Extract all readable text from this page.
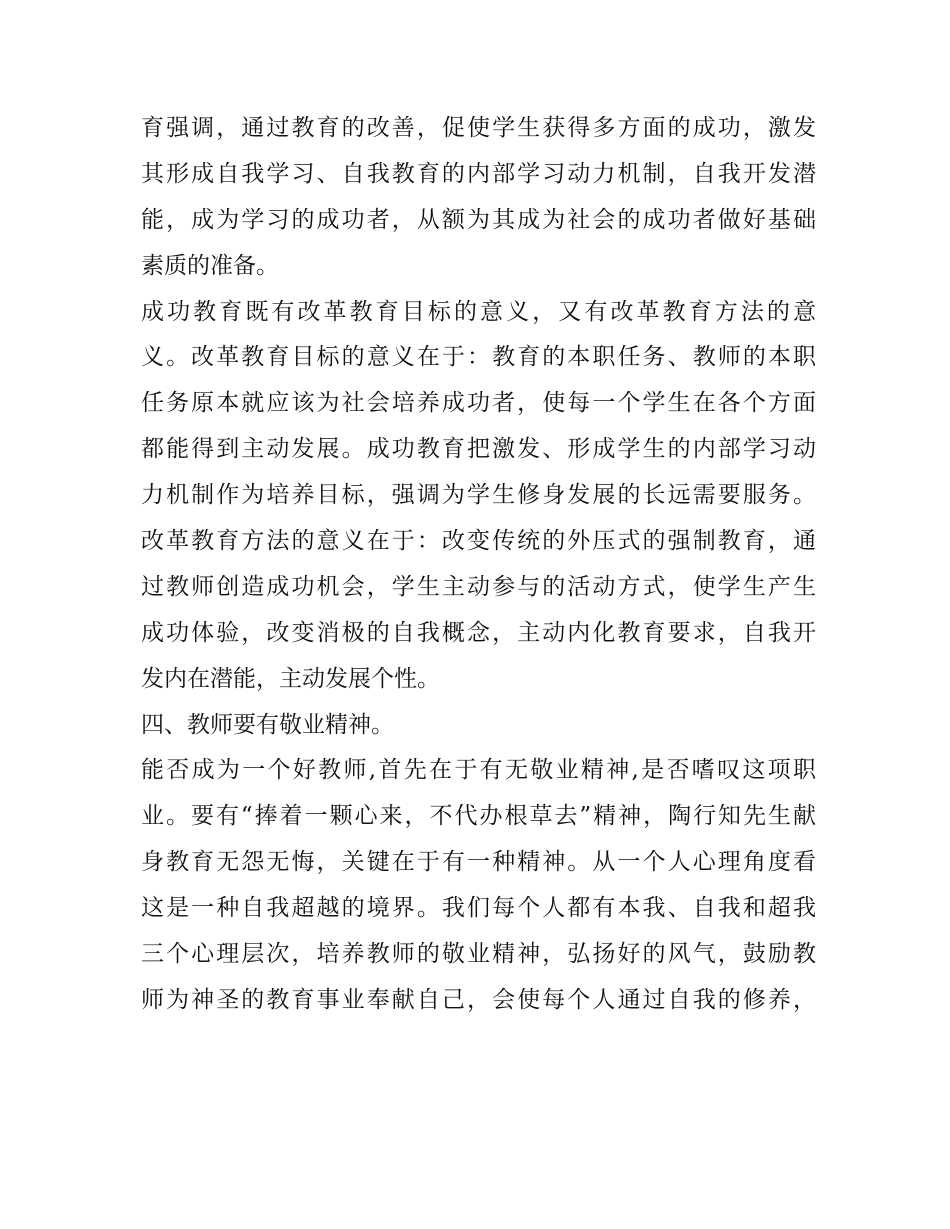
育强调，通过教育的改善，促使学生获得多方面的成功，激发
其形成自我学习、自我教育的内部学习动力机制，自我开发潜
能，成为学习的成功者，从额为其成为社会的成功者做好基础
素质的准备。
成功教育既有改革教育目标的意义，又有改革教育方法的意
义。改革教育目标的意义在于：教育的本职任务、教师的本职
任务原本就应该为社会培养成功者，使每一个学生在各个方面
都能得到主动发展。成功教育把激发、形成学生的内部学习动
力机制作为培养目标，强调为学生修身发展的长远需要服务。
改革教育方法的意义在于：改变传统的外压式的强制教育，通
过教师创造成功机会，学生主动参与的活动方式，使学生产生
成功体验，改变消极的自我概念，主动内化教育要求，自我开
发内在潜能，主动发展个性。
四、教师要有敬业精神。
能否成为一个好教师,首先在于有无敬业精神,是否嗜叹这项职
业。要有“捧着一颗心来，不代办根草去”精神，陶行知先生献
身教育无怨无悔，关键在于有一种精神。从一个人心理角度看
这是一种自我超越的境界。我们每个人都有本我、自我和超我
三个心理层次，培养教师的敬业精神，弘扬好的风气，鼓励教
师为神圣的教育事业奉献自己，会使每个人通过自我的修养，
